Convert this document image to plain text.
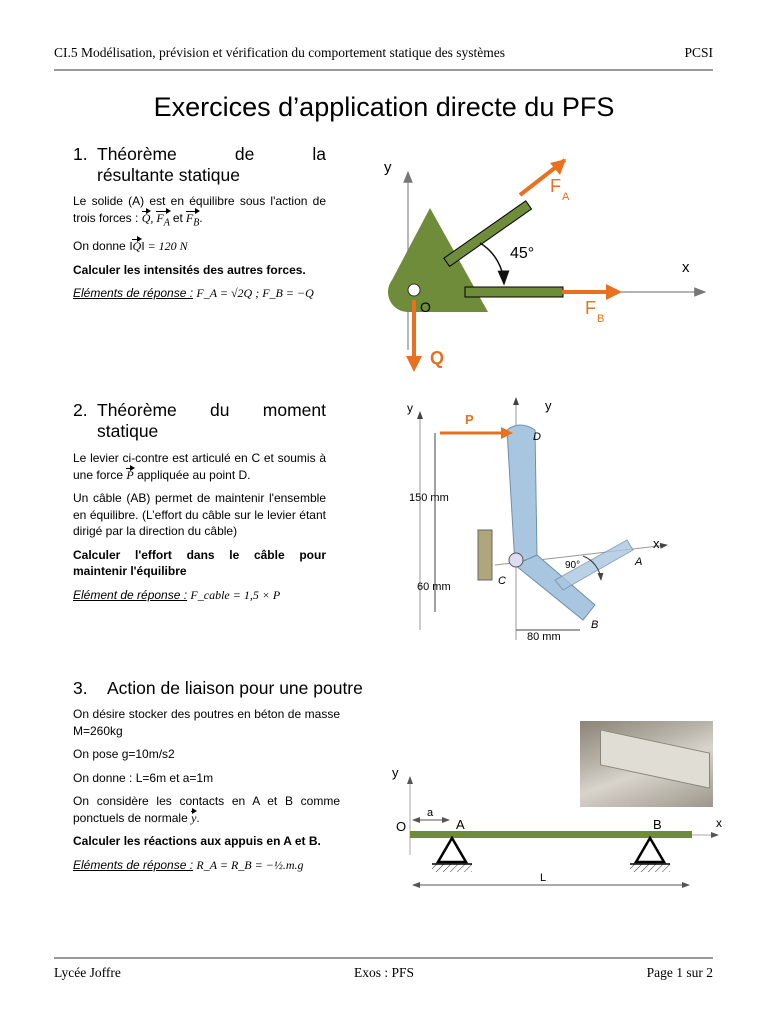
CI.5 Modélisation, prévision et vérification du comportement statique des systèmes	PCSI
Exercices d’application directe du PFS
1. Théorème de la
résultante statique

Le solide (A) est en équilibre sous l'action de trois forces : Q, $F_A$ et $F_B$.

On donne ‖Q‖ = 120 N

Calculer les intensités des autres forces.

Eléments de réponse : F_A = √2Q ; F_B = −Q

45°
y
x
F
A
F
B
Q
O
2. Théorème du moment
statique

Le levier ci-contre est articulé en C et soumis à une force P appliquée au point D.

Un câble (AB) permet de maintenir l'ensemble en équilibre. (L’effort du câble sur le levier étant dirigé par la direction du câble)

Calculer l'effort dans le câble pour maintenir l'équilibre

Elément de réponse : F_cable = 1,5 × P

P
y	y
x
D
C
A
B
150 mm
60 mm
80 mm
90°
3. Action de liaison pour une poutre

On désire stocker des poutres en béton de masse M=260kg

On pose g=10m/s2

On donne : L=6m et a=1m

On considère les contacts en A et B comme ponctuels de normale y.

Calculer les réactions aux appuis en A et B.

Eléments de réponse : R_A = R_B = −½.m.g

y
x
O
a
A	B
L
Lycée Joffre	Exos : PFS	Page 1 sur 2
